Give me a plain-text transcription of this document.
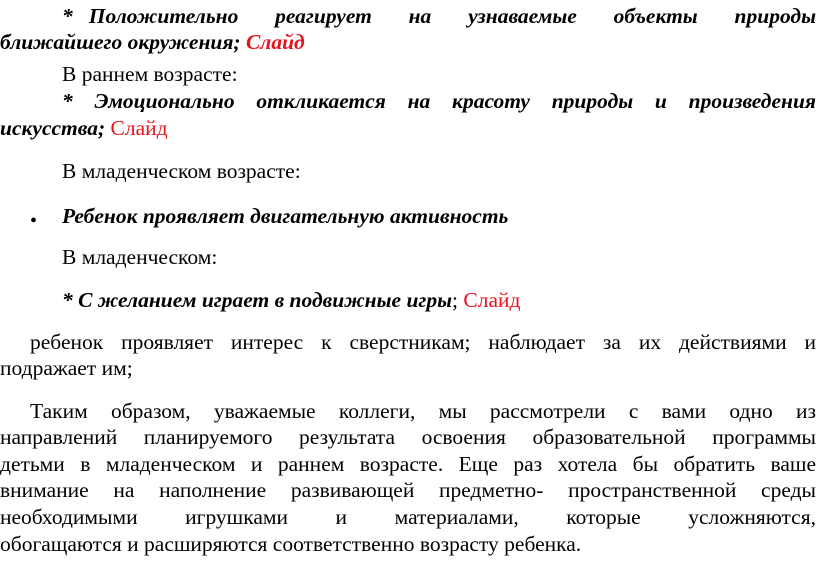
* Положительно реагирует на узнаваемые объекты природы
ближайшего окружения; Слайд
В раннем возрасте:
* Эмоционально откликается на красоту природы и произведения
искусства; Слайд
В младенческом возрасте:
• Ребенок проявляет двигательную активность
В младенческом:
* С желанием играет в подвижные игры; Слайд
ребенок проявляет интерес к сверстникам; наблюдает за их действиями и
подражает им;
Таким образом, уважаемые коллеги, мы рассмотрели с вами одно из
направлений планируемого результата освоения образовательной программы
детьми в младенческом и раннем возрасте. Еще раз хотела бы обратить ваше
внимание на наполнение развивающей предметно- пространственной среды
необходимыми игрушками и материалами, которые усложняются,
обогащаются и расширяются соответственно возрасту ребенка.
